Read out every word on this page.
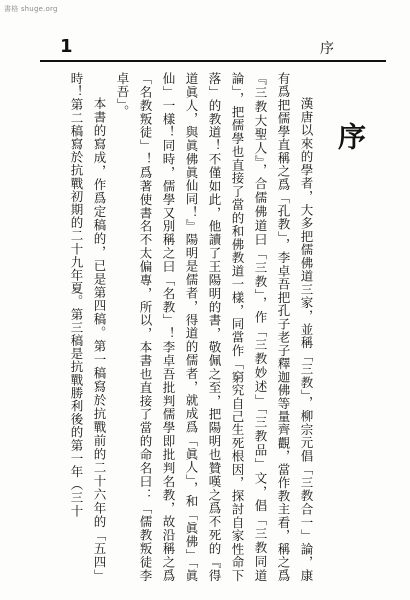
書格 shuge.org
1	序
序

漢唐以來的學者，大多把儒佛道三家，並稱「三教」，柳宗元倡「三教合一」論，康有爲把儒學直稱之爲「孔教」，李卓吾把孔子老子釋迦佛等量齊觀，當作教主看，稱之爲『三教大聖人』，合儒佛道曰「三教」，作「三教妙述」「三教品」文，倡「三教同道論」，把儒學也直接了當的和佛教道一樣，同當作「窮究自己生死根因，探討自家性命下落」的教道！不僅如此，他讀了王陽明的書，敬佩之至，把陽明也贊嘆之爲不死的『得道眞人，與眞佛眞仙同！』陽明是儒者，得道的儒者，就成爲「眞人」，和「眞佛」「眞仙」一樣！同時，儒學又別稱之曰「名教」！李卓吾批判儒學即批判名教，故沿稱之爲「名教叛徒」！爲著使書名不太偏專，所以，本書也直接了當的命名曰：「儒教叛徒李卓吾」。

本書的寫成，作爲定稿的，已是第四稿。第一稿寫於抗戰前的二十六年的「五四」時！第二稿寫於抗戰初期的二十九年夏。第三稿是抗戰勝利後的第一年（三十
